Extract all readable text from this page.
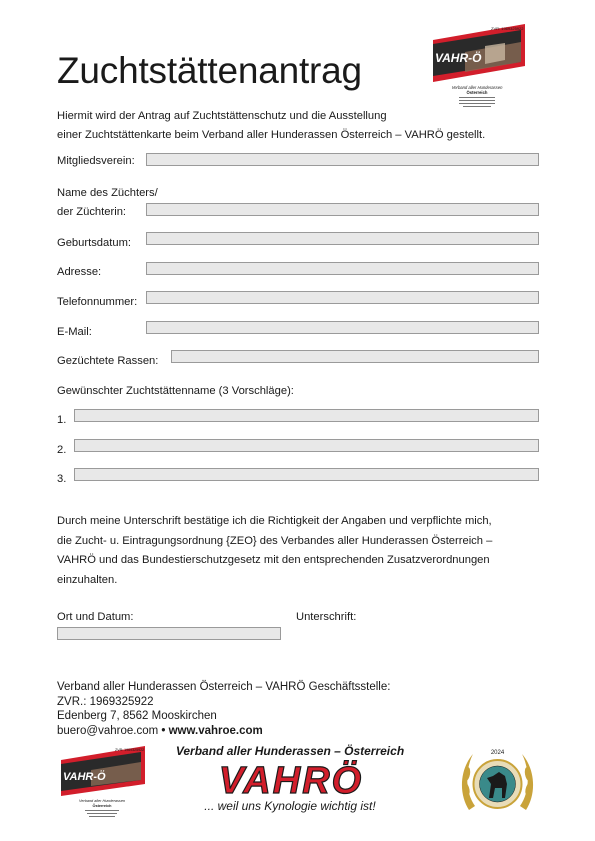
Zuchtstättenantrag	VAHR-Ö
ZVR: 1969325922
Verband aller Hunderassen
Österreich
Hiermit wird der Antrag auf Zuchtstättenschutz und die Ausstellung
einer Zuchtstättenkarte beim Verband aller Hunderassen Österreich – VAHRÖ gestellt.
Mitgliedsverein:
Name des Züchters/
der Züchterin:
Geburtsdatum:
Adresse:
Telefonnummer:
E-Mail:
Gezüchtete Rassen:
Gewünschter Zuchtstättenname (3 Vorschläge):
1.
2.
3.
Durch meine Unterschrift bestätige ich die Richtigkeit der Angaben und verpflichte mich,
die Zucht- u. Eintragungsordnung {ZEO} des Verbandes aller Hunderassen Österreich –
VAHRÖ und das Bundestierschutzgesetz mit den entsprechenden Zusatzverordnungen
einzuhalten.
Ort und Datum:	Unterschrift:
Verband aller Hunderassen Österreich – VAHRÖ Geschäftsstelle:
ZVR.: 1969325922
Edenberg 7, 8562 Mooskirchen
buero@vahroe.com • www.vahroe.com
VAHR-Ö
ZVR: 1969325922
Verband aller Hunderassen
Österreich
Verband aller Hunderassen – Österreich
VAHRÖ
... weil uns Kynologie wichtig ist!
2024
